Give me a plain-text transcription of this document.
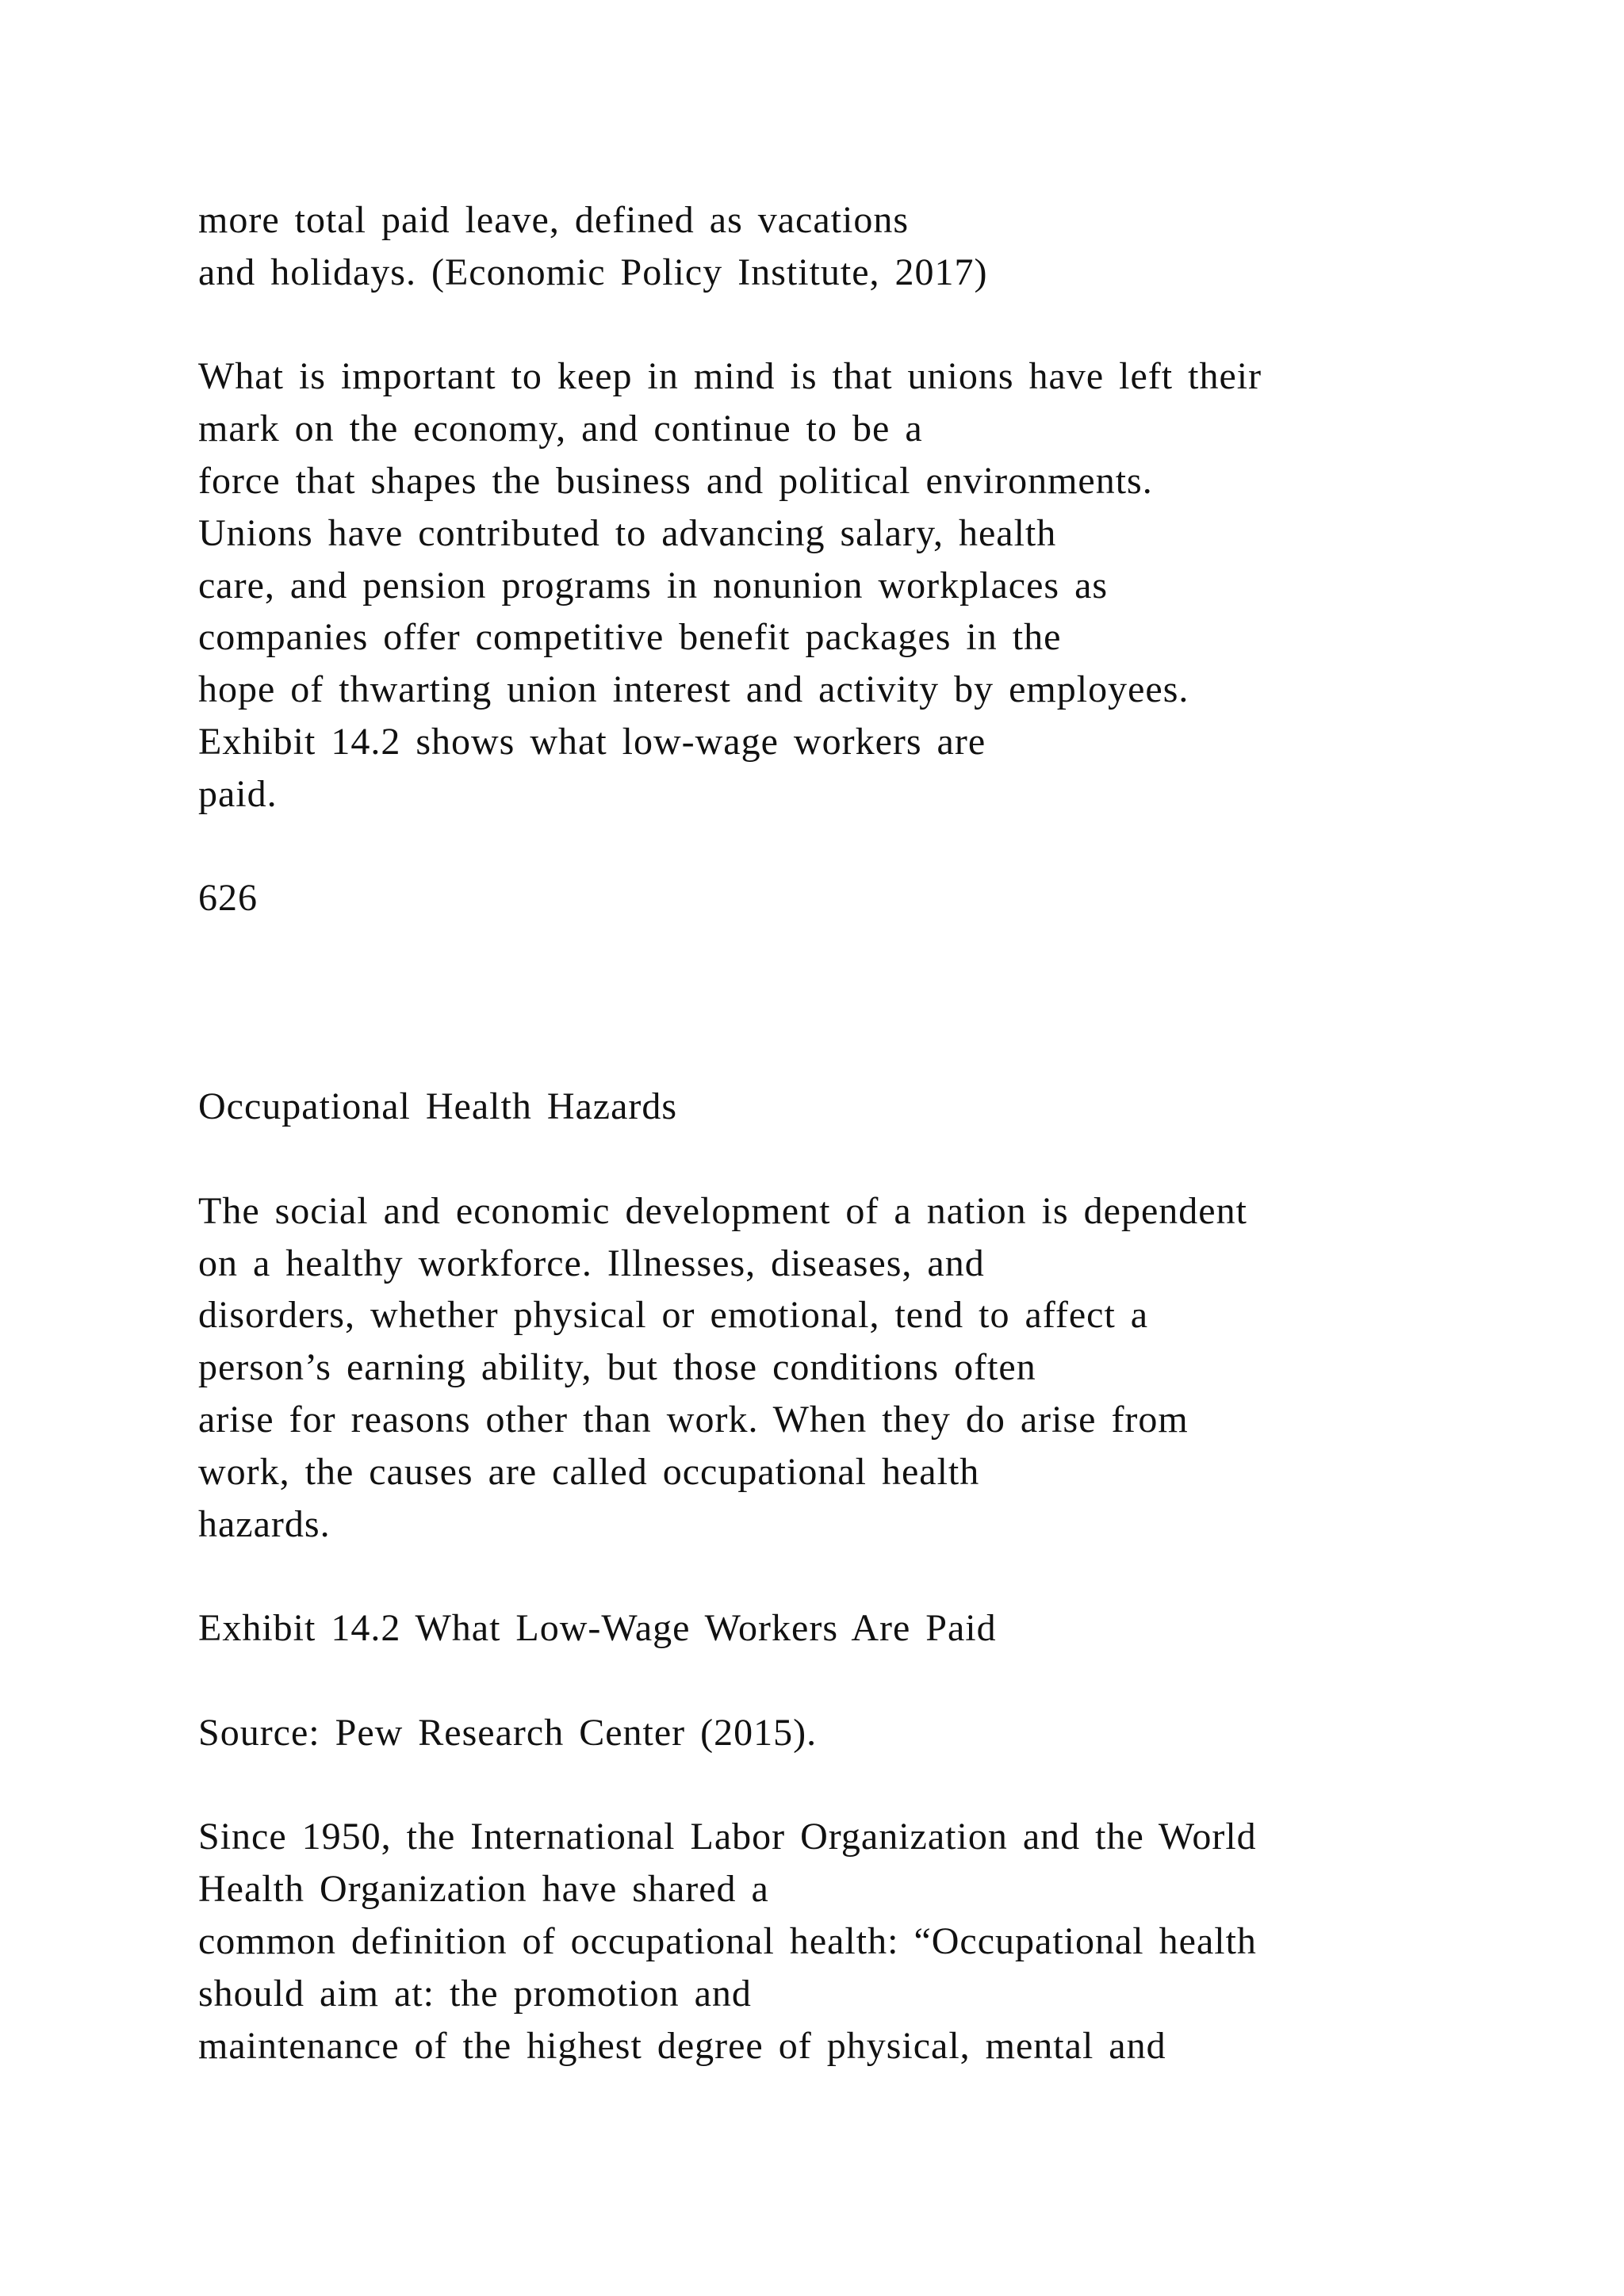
more total paid leave, defined as vacations
and holidays. (Economic Policy Institute, 2017)
What is important to keep in mind is that unions have left their
mark on the economy, and continue to be a
force that shapes the business and political environments.
Unions have contributed to advancing salary, health
care, and pension programs in nonunion workplaces as
companies offer competitive benefit packages in the
hope of thwarting union interest and activity by employees.
Exhibit 14.2 shows what low-wage workers are
paid.
626
Occupational Health Hazards
The social and economic development of a nation is dependent
on a healthy workforce. Illnesses, diseases, and
disorders, whether physical or emotional, tend to affect a
person’s earning ability, but those conditions often
arise for reasons other than work. When they do arise from
work, the causes are called occupational health
hazards.
Exhibit 14.2 What Low-Wage Workers Are Paid
Source: Pew Research Center (2015).
Since 1950, the International Labor Organization and the World
Health Organization have shared a
common definition of occupational health: “Occupational health
should aim at: the promotion and
maintenance of the highest degree of physical, mental and
